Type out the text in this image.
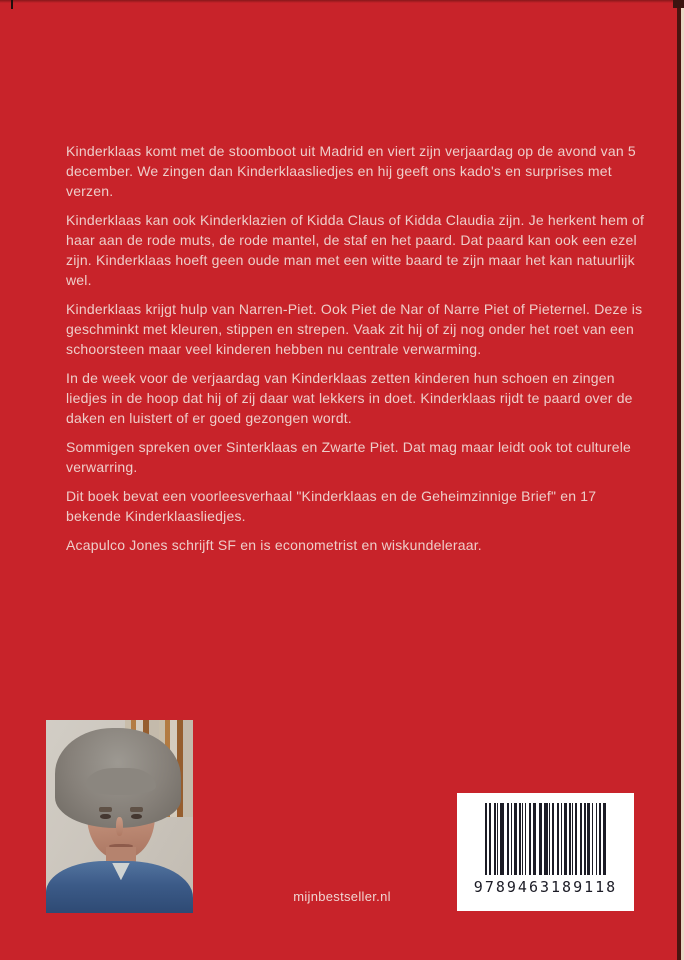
Kinderklaas komt met de stoomboot uit Madrid en viert zijn verjaardag op de avond van 5 december. We zingen dan Kinderklaasliedjes en hij geeft ons kado's en surprises met verzen.

Kinderklaas kan ook Kinderklazien of Kidda Claus of Kidda Claudia zijn. Je herkent hem of haar aan de rode muts, de rode mantel, de staf en het paard. Dat paard kan ook een ezel zijn. Kinderklaas hoeft geen oude man met een witte baard te zijn maar het kan natuurlijk wel.

Kinderklaas krijgt hulp van Narren-Piet. Ook Piet de Nar of Narre Piet of Pieternel. Deze is geschminkt met kleuren, stippen en strepen. Vaak zit hij of zij nog onder het roet van een schoorsteen maar veel kinderen hebben nu centrale verwarming.

In de week voor de verjaardag van Kinderklaas zetten kinderen hun schoen en zingen liedjes in de hoop dat hij of zij daar wat lekkers in doet. Kinderklaas rijdt te paard over de daken en luistert of er goed gezongen wordt.

Sommigen spreken over Sinterklaas en Zwarte Piet. Dat mag maar leidt ook tot culturele verwarring.

Dit boek bevat een voorleesverhaal "Kinderklaas en de Geheimzinnige Brief" en 17 bekende Kinderklaasliedjes.

Acapulco Jones schrijft SF en is econometrist en wiskundeleraar.

mijnbestseller.nl
9789463189118
